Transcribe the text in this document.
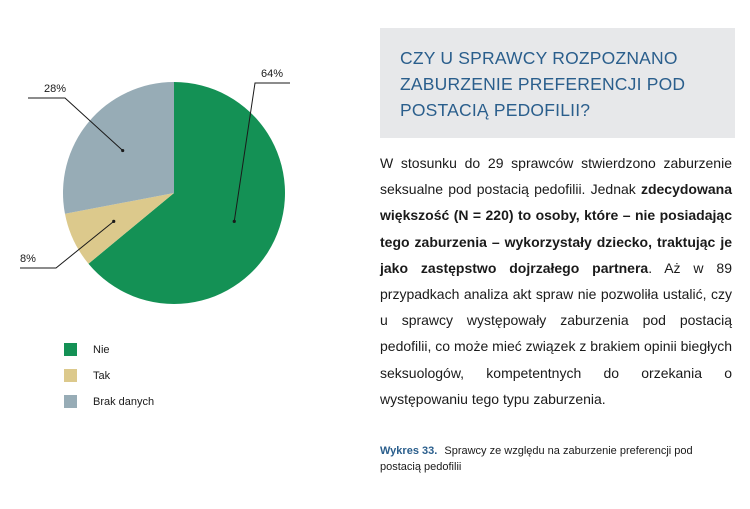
64%
8%
28%
Nie
Tak
Brak danych
CZY U SPRAWCY ROZPOZNANO
ZABURZENIE PREFERENCJI POD
POSTACIĄ PEDOFILII?
W stosunku do 29 sprawców stwierdzono zaburzenie seksualne pod postacią pedofilii. Jednak zdecydowana większość (N = 220) to osoby, które – nie posiadając tego zaburzenia – wykorzystały dziecko, traktując je jako zastępstwo dojrzałego partnera. Aż w 89 przypadkach analiza akt spraw nie pozwoliła ustalić, czy u sprawcy występowały zaburzenia pod postacią pedofilii, co może mieć związek z brakiem opinii biegłych seksuologów, kompetentnych do orzekania o występowaniu tego typu zaburzenia.
Wykres 33. Sprawcy ze względu na zaburzenie preferencji pod postacią pedofilii
